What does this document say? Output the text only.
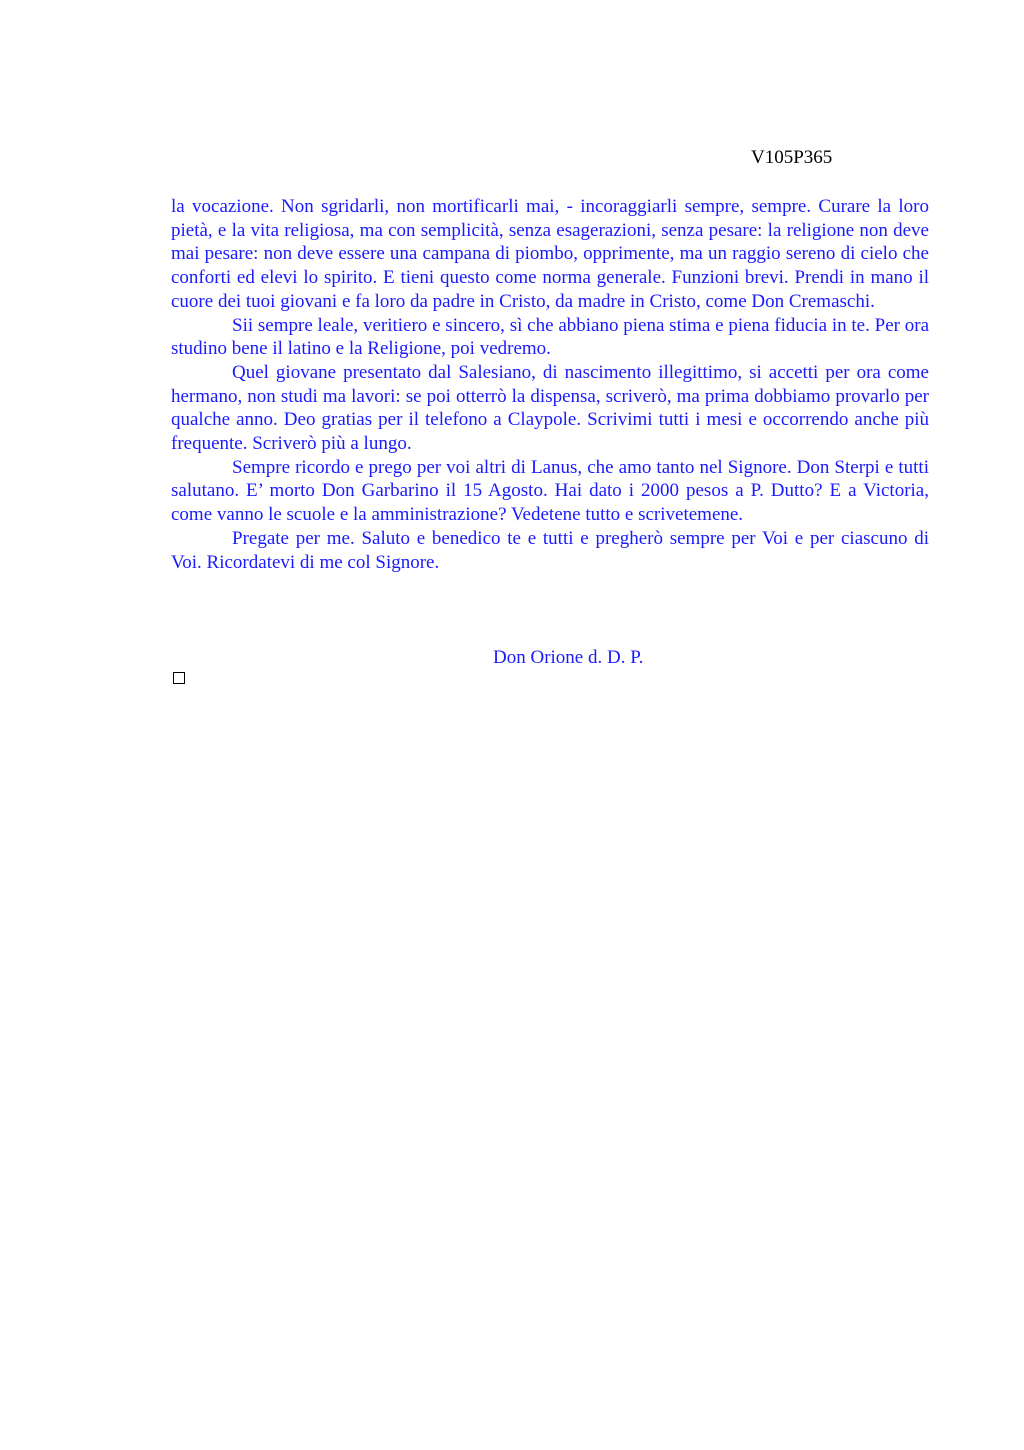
V105P365

la vocazione. Non sgridarli, non mortificarli mai, - incoraggiarli sempre, sempre. Curare la loro pietà, e la vita religiosa, ma con semplicità, senza esagerazioni, senza pesare: la religione non deve mai pesare: non deve essere una campana di piombo, opprimente, ma un raggio sereno di cielo che conforti ed elevi lo spirito. E tieni questo come norma generale. Funzioni brevi. Prendi in mano il cuore dei tuoi giovani e fa loro da padre in Cristo, da madre in Cristo, come Don Cremaschi.

Sii sempre leale, veritiero e sincero, sì che abbiano piena stima e piena fiducia in te. Per ora studino bene il latino e la Religione, poi vedremo.

Quel giovane presentato dal Salesiano, di nascimento illegittimo, si accetti per ora come hermano, non studi ma lavori: se poi otterrò la dispensa, scriverò, ma prima dobbiamo provarlo per qualche anno. Deo gratias per il telefono a Claypole. Scrivimi tutti i mesi e occorrendo anche più frequente. Scriverò più a lungo.

Sempre ricordo e prego per voi altri di Lanus, che amo tanto nel Signore. Don Sterpi e tutti salutano. E’ morto Don Garbarino il 15 Agosto. Hai dato i 2000 pesos a P. Dutto? E a Victoria, come vanno le scuole e la amministrazione? Vedetene tutto e scrivetemene.

Pregate per me. Saluto e benedico te e tutti e pregherò sempre per Voi e per ciascuno di Voi. Ricordatevi di me col Signore.

Don Orione d. D. P.
